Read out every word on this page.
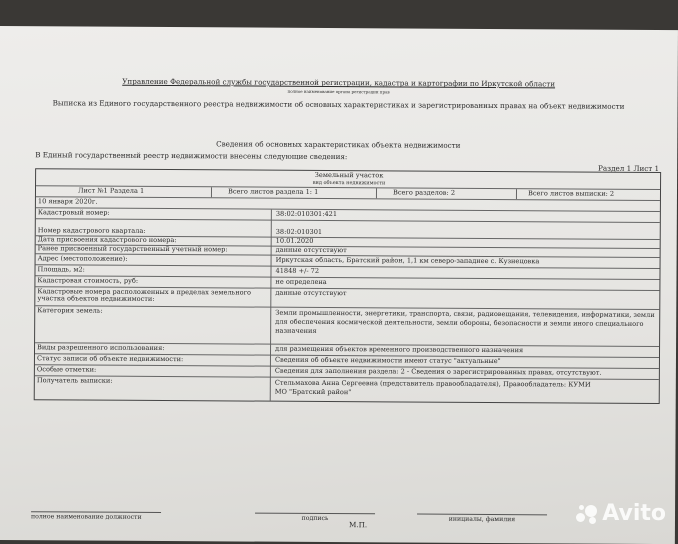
Управление Федеральной службы государственной регистрации, кадастра и картографии по Иркутской области
полное наименование органа регистрации прав
Выписка из Единого государственного реестра недвижимости об основных характеристиках и зарегистрированных правах на объект недвижимости
Сведения об основных характеристиках объекта недвижимости
В Единый государственный реестр недвижимости внесены следующие сведения:
Раздел 1 Лист 1
Земельный участок
вид объекта недвижимости
Лист №1 Раздела 1	Всего листов раздела 1: 1	Всего разделов: 2	Всего листов выписки: 2
10 января 2020г.
Кадастровый номер:	38:02:010301:421
Номер кадастрового квартала:	38:02:010301
Дата присвоения кадастрового номера:	10.01.2020
Ранее присвоенный государственный учетный номер:	данные отсутствуют
Адрес (местоположение):	Иркутская область, Братский район, 1,1 км северо-западнее с. Кузнецовка
Площадь, м2:	41848 +/- 72
Кадастровая стоимость, руб:	не определена
Кадастровые номера расположенных в пределах земельного участка объектов недвижимости:
данные отсутствуют
Категория земель:	Земли промышленности, энергетики, транспорта, связи, радиовещания, телевидения, информатики, земли для обеспечения космической деятельности, земли обороны, безопасности и земли иного специального назначения
Виды разрешенного использования:	для размещения объектов временного производственного назначения
Статус записи об объекте недвижимости:	Сведения об объекте недвижимости имеют статус "актуальные"
Особые отметки:	Сведения для заполнения раздела: 2 - Сведения о зарегистрированных правах, отсутствуют.
Получатель выписки:	Стельмахова Анна Сергеевна (представитель правообладателя), Правообладатель: КУМИ МО "Братский район"
полное наименование должности	подпись	инициалы, фамилия
М.П.	Avito
